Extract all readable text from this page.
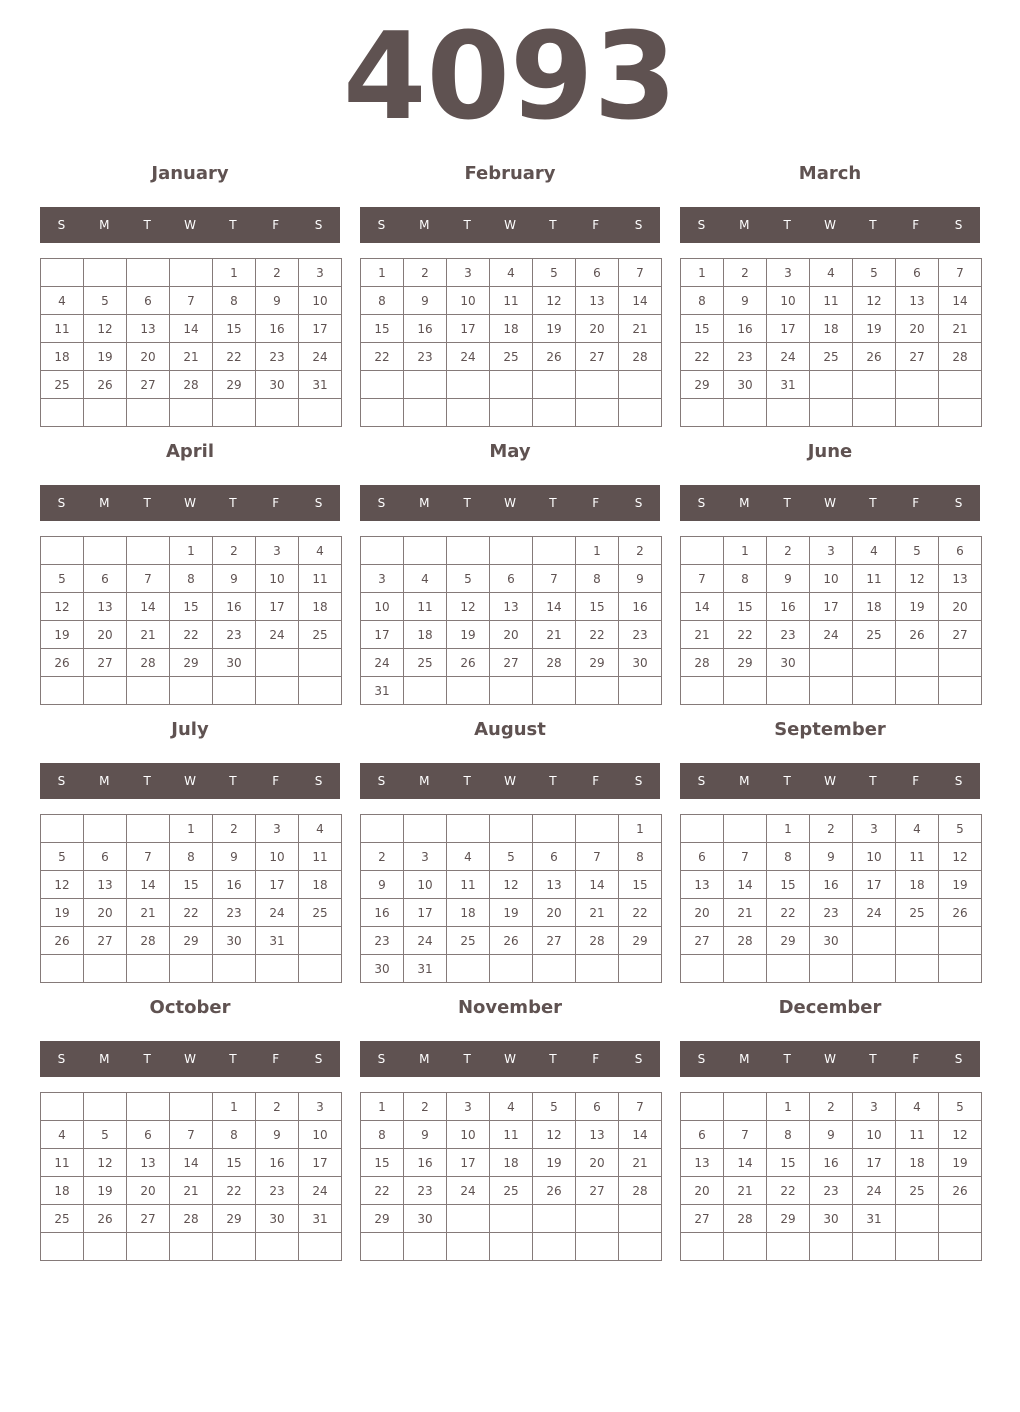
4093
January
S	M	T	W	T	F	S
				1	2	3
4	5	6	7	8	9	10
11	12	13	14	15	16	17
18	19	20	21	22	23	24
25	26	27	28	29	30	31

February
S	M	T	W	T	F	S
1	2	3	4	5	6	7
8	9	10	11	12	13	14
15	16	17	18	19	20	21
22	23	24	25	26	27	28

March
S	M	T	W	T	F	S
1	2	3	4	5	6	7
8	9	10	11	12	13	14
15	16	17	18	19	20	21
22	23	24	25	26	27	28
29	30	31				

April
S	M	T	W	T	F	S
			1	2	3	4
5	6	7	8	9	10	11
12	13	14	15	16	17	18
19	20	21	22	23	24	25
26	27	28	29	30		

May
S	M	T	W	T	F	S
					1	2
3	4	5	6	7	8	9
10	11	12	13	14	15	16
17	18	19	20	21	22	23
24	25	26	27	28	29	30
31						
June
S	M	T	W	T	F	S
	1	2	3	4	5	6
7	8	9	10	11	12	13
14	15	16	17	18	19	20
21	22	23	24	25	26	27
28	29	30				

July
S	M	T	W	T	F	S
			1	2	3	4
5	6	7	8	9	10	11
12	13	14	15	16	17	18
19	20	21	22	23	24	25
26	27	28	29	30	31	

August
S	M	T	W	T	F	S
						1
2	3	4	5	6	7	8
9	10	11	12	13	14	15
16	17	18	19	20	21	22
23	24	25	26	27	28	29
30	31					
September
S	M	T	W	T	F	S
		1	2	3	4	5
6	7	8	9	10	11	12
13	14	15	16	17	18	19
20	21	22	23	24	25	26
27	28	29	30			

October
S	M	T	W	T	F	S
				1	2	3
4	5	6	7	8	9	10
11	12	13	14	15	16	17
18	19	20	21	22	23	24
25	26	27	28	29	30	31

November
S	M	T	W	T	F	S
1	2	3	4	5	6	7
8	9	10	11	12	13	14
15	16	17	18	19	20	21
22	23	24	25	26	27	28
29	30					

December
S	M	T	W	T	F	S
		1	2	3	4	5
6	7	8	9	10	11	12
13	14	15	16	17	18	19
20	21	22	23	24	25	26
27	28	29	30	31		
